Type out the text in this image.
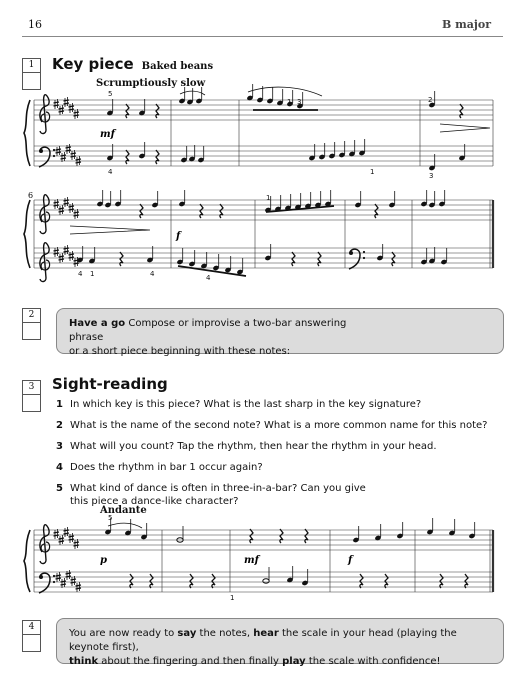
16	B major
1
2
3
4
Key piece Baked beans
Scrumptiously slow
mf
f
p	mf	f
6
5
4
1 3	2
3
1
4 1	4	4
1
5
1
Have a go Compose or improvise a two-bar answering phrase
or a short piece beginning with these notes:
Sight-reading
1 In which key is this piece? What is the last sharp in the key signature?
2 What is the name of the second note? What is a more common name for this note?
3 What will you count? Tap the rhythm, then hear the rhythm in your head.
4 Does the rhythm in bar 1 occur again?
5 What kind of dance is often in three-in-a-bar? Can you give this piece a dance-like character?
Andante
You are now ready to say the notes, hear the scale in your head (playing the keynote first),
think about the fingering and then finally play the scale with confidence!
